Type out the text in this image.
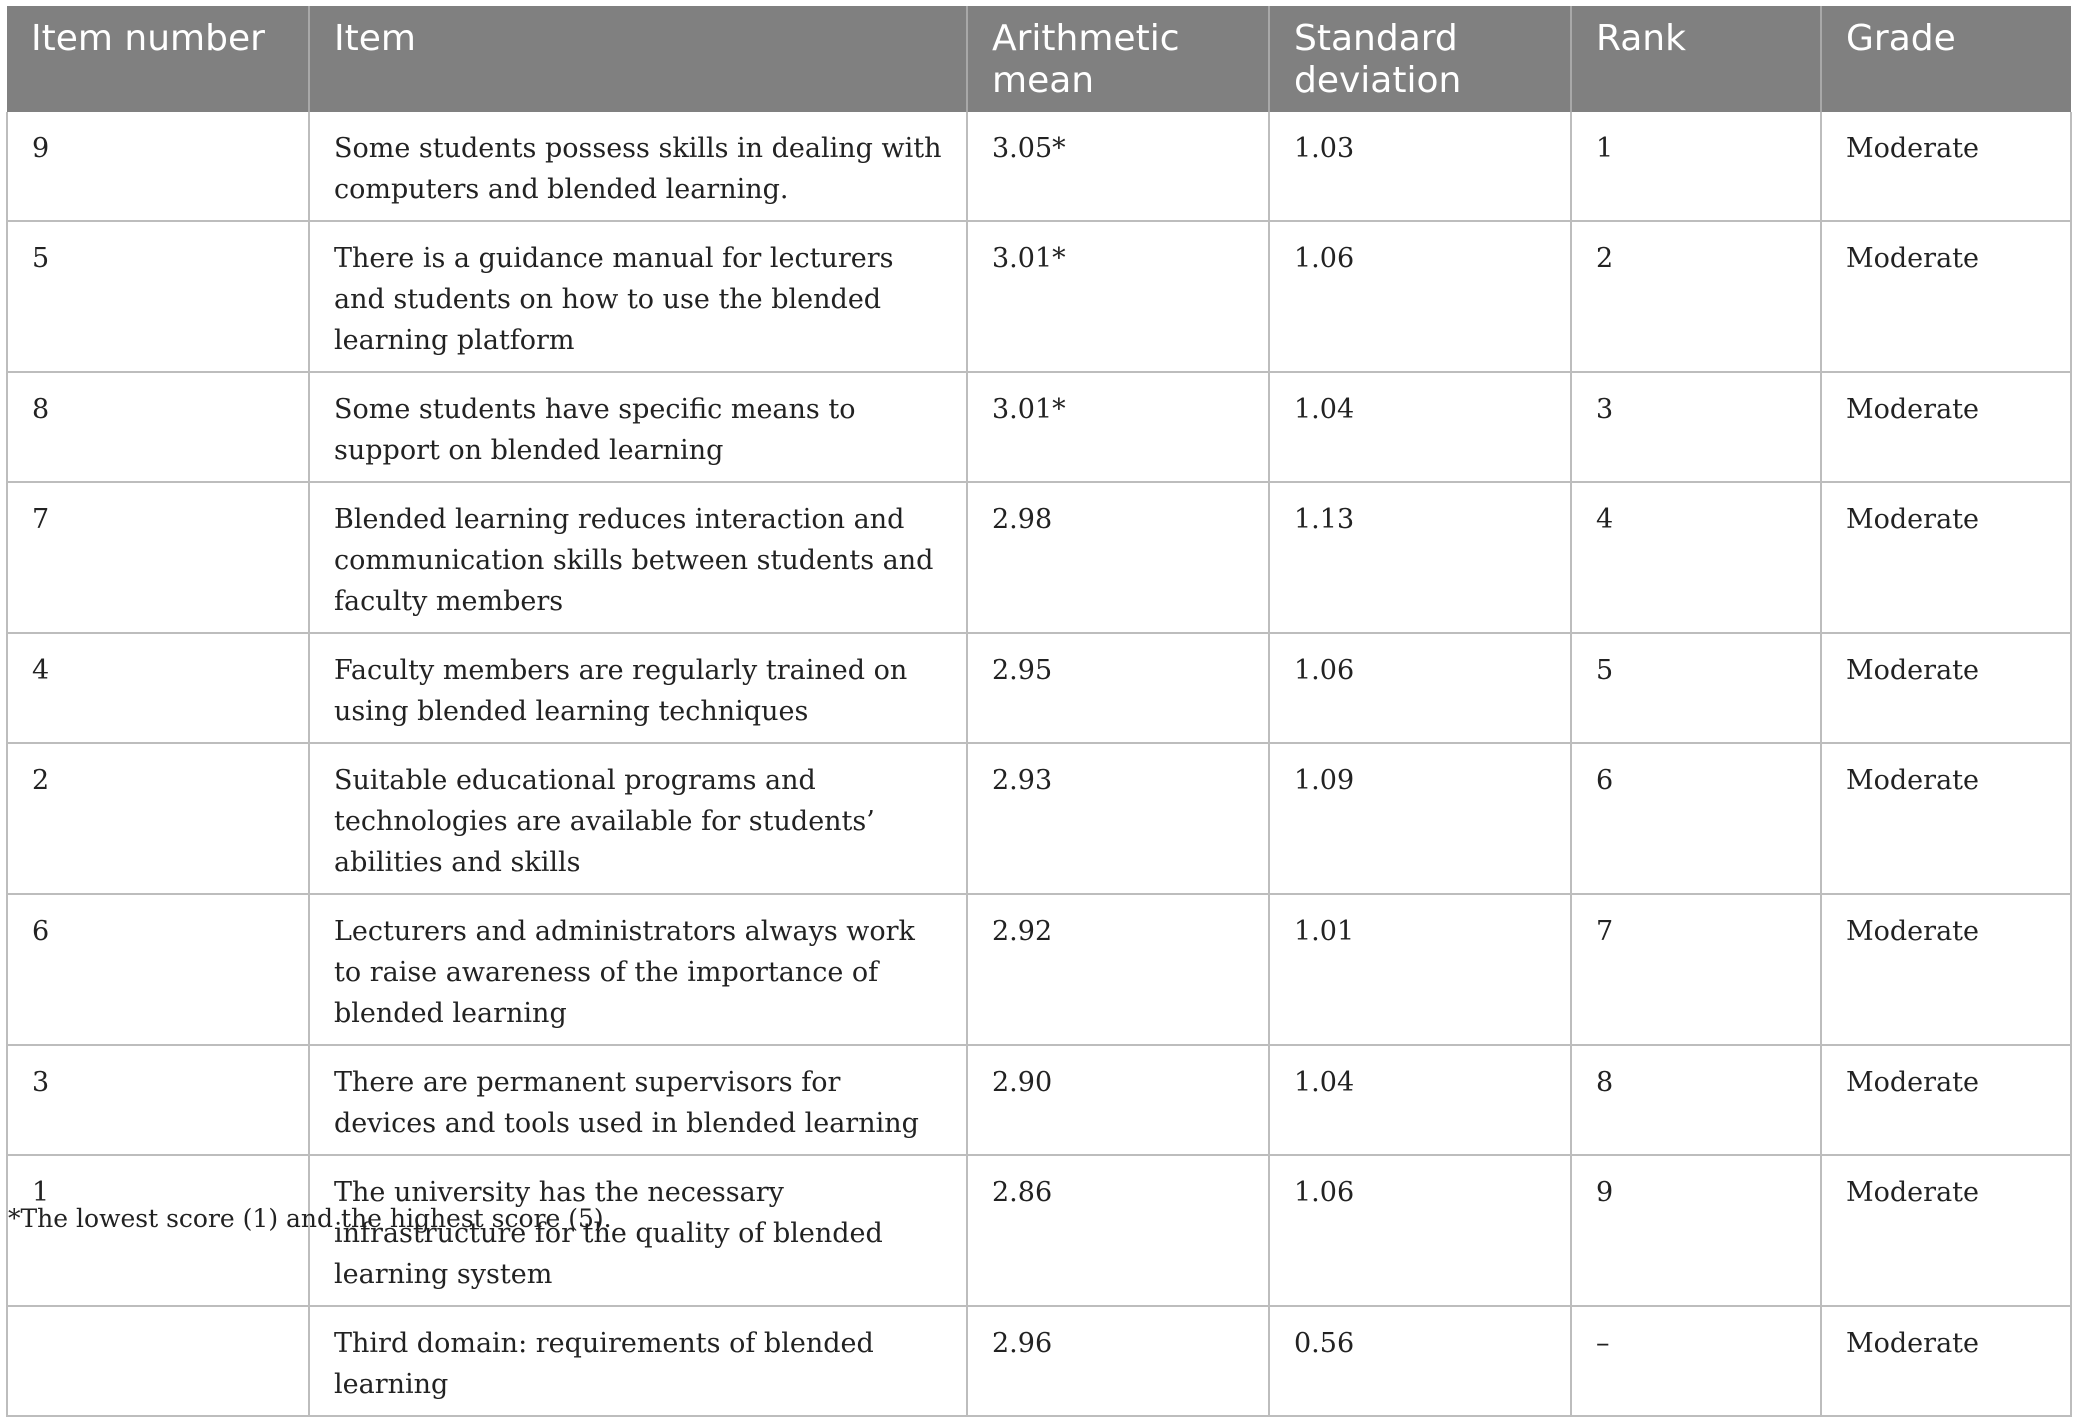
Item number	Item	Arithmetic mean	Standard deviation	Rank	Grade
9	Some students possess skills in dealing with computers and blended learning.	3.05*	1.03	1	Moderate
5	There is a guidance manual for lecturers and students on how to use the blended learning platform	3.01*	1.06	2	Moderate
8	Some students have specific means to support on blended learning	3.01*	1.04	3	Moderate
7	Blended learning reduces interaction and communication skills between students and faculty members	2.98	1.13	4	Moderate
4	Faculty members are regularly trained on using blended learning techniques	2.95	1.06	5	Moderate
2	Suitable educational programs and technologies are available for students’ abilities and skills	2.93	1.09	6	Moderate
6	Lecturers and administrators always work to raise awareness of the importance of blended learning	2.92	1.01	7	Moderate
3	There are permanent supervisors for devices and tools used in blended learning	2.90	1.04	8	Moderate
1	The university has the necessary infrastructure for the quality of blended learning system	2.86	1.06	9	Moderate
	Third domain: requirements of blended learning	2.96	0.56	–	Moderate
*The lowest score (1) and the highest score (5).
